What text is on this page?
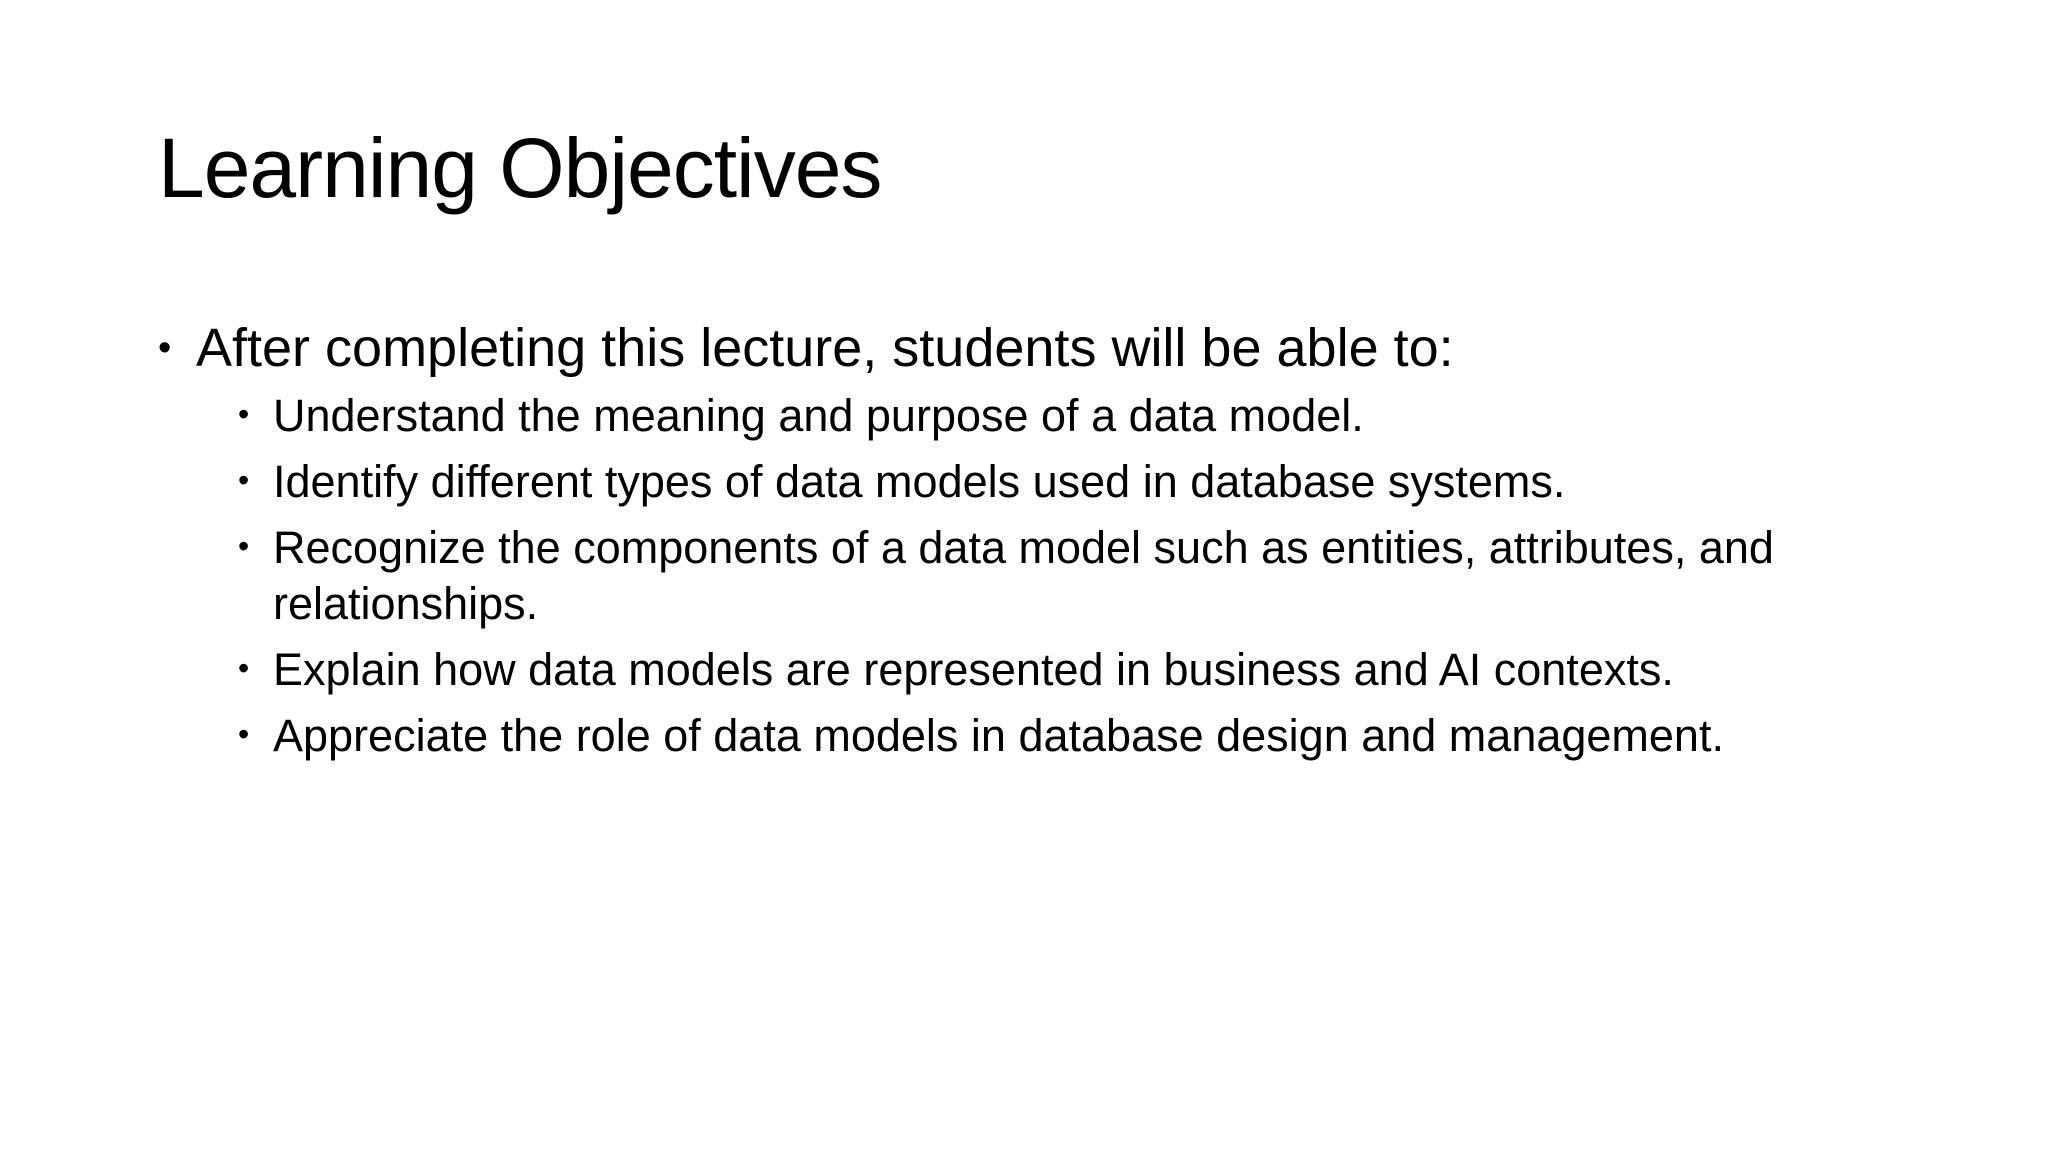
Learning Objectives
• After completing this lecture, students will be able to:
• Understand the meaning and purpose of a data model.
• Identify different types of data models used in database systems.
• Recognize the components of a data model such as entities, attributes, and relationships.
• Explain how data models are represented in business and AI contexts.
• Appreciate the role of data models in database design and management.
